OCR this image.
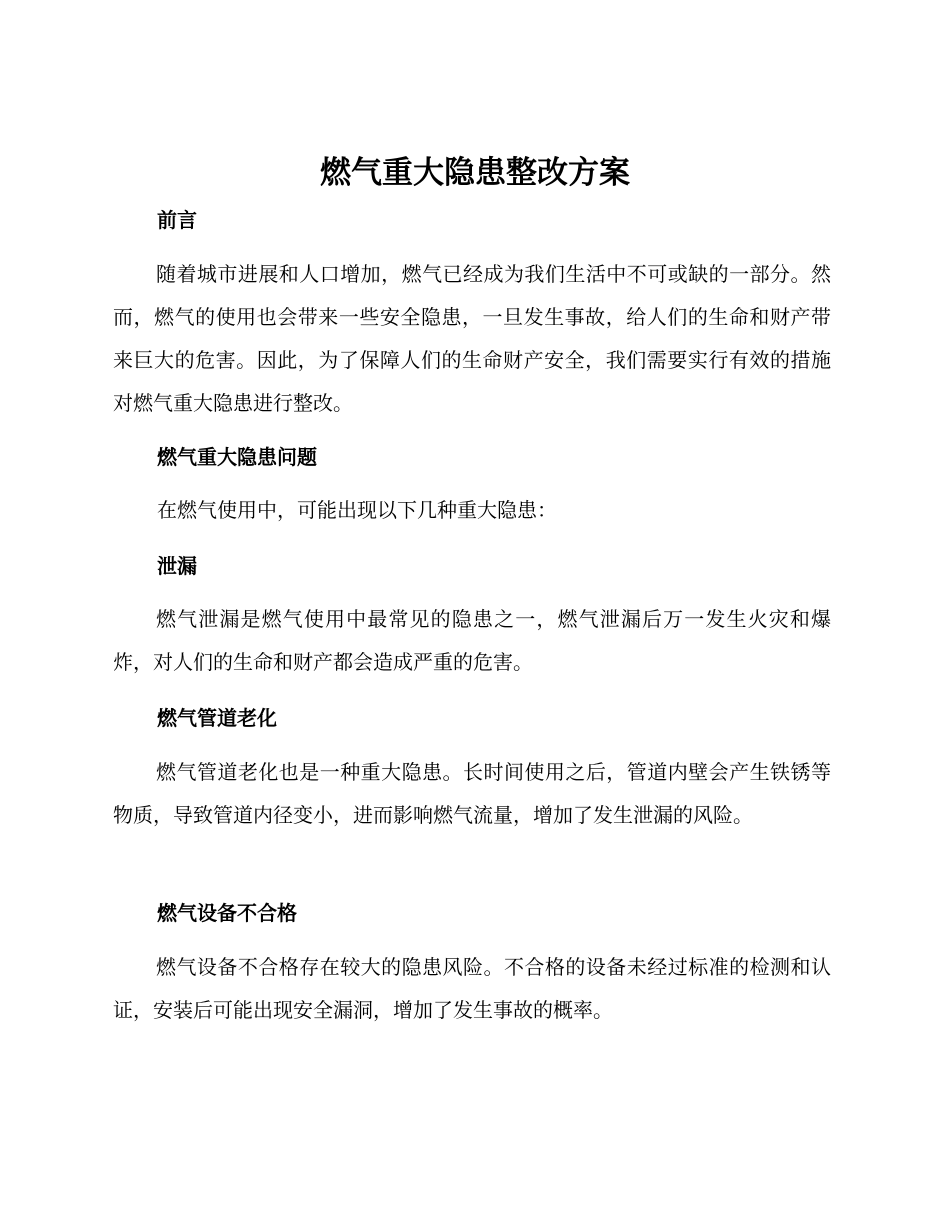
燃气重大隐患整改方案
前言

随着城市进展和人口增加，燃气已经成为我们生活中不可或缺的一部分。然而，燃气的使用也会带来一些安全隐患，一旦发生事故，给人们的生命和财产带来巨大的危害。因此，为了保障人们的生命财产安全，我们需要实行有效的措施对燃气重大隐患进行整改。

燃气重大隐患问题

在燃气使用中，可能出现以下几种重大隐患：

泄漏

燃气泄漏是燃气使用中最常见的隐患之一，燃气泄漏后万一发生火灾和爆炸，对人们的生命和财产都会造成严重的危害。

燃气管道老化

燃气管道老化也是一种重大隐患。长时间使用之后，管道内壁会产生铁锈等物质，导致管道内径变小，进而影响燃气流量，增加了发生泄漏的风险。

燃气设备不合格

燃气设备不合格存在较大的隐患风险。不合格的设备未经过标准的检测和认证，安装后可能出现安全漏洞，增加了发生事故的概率。
